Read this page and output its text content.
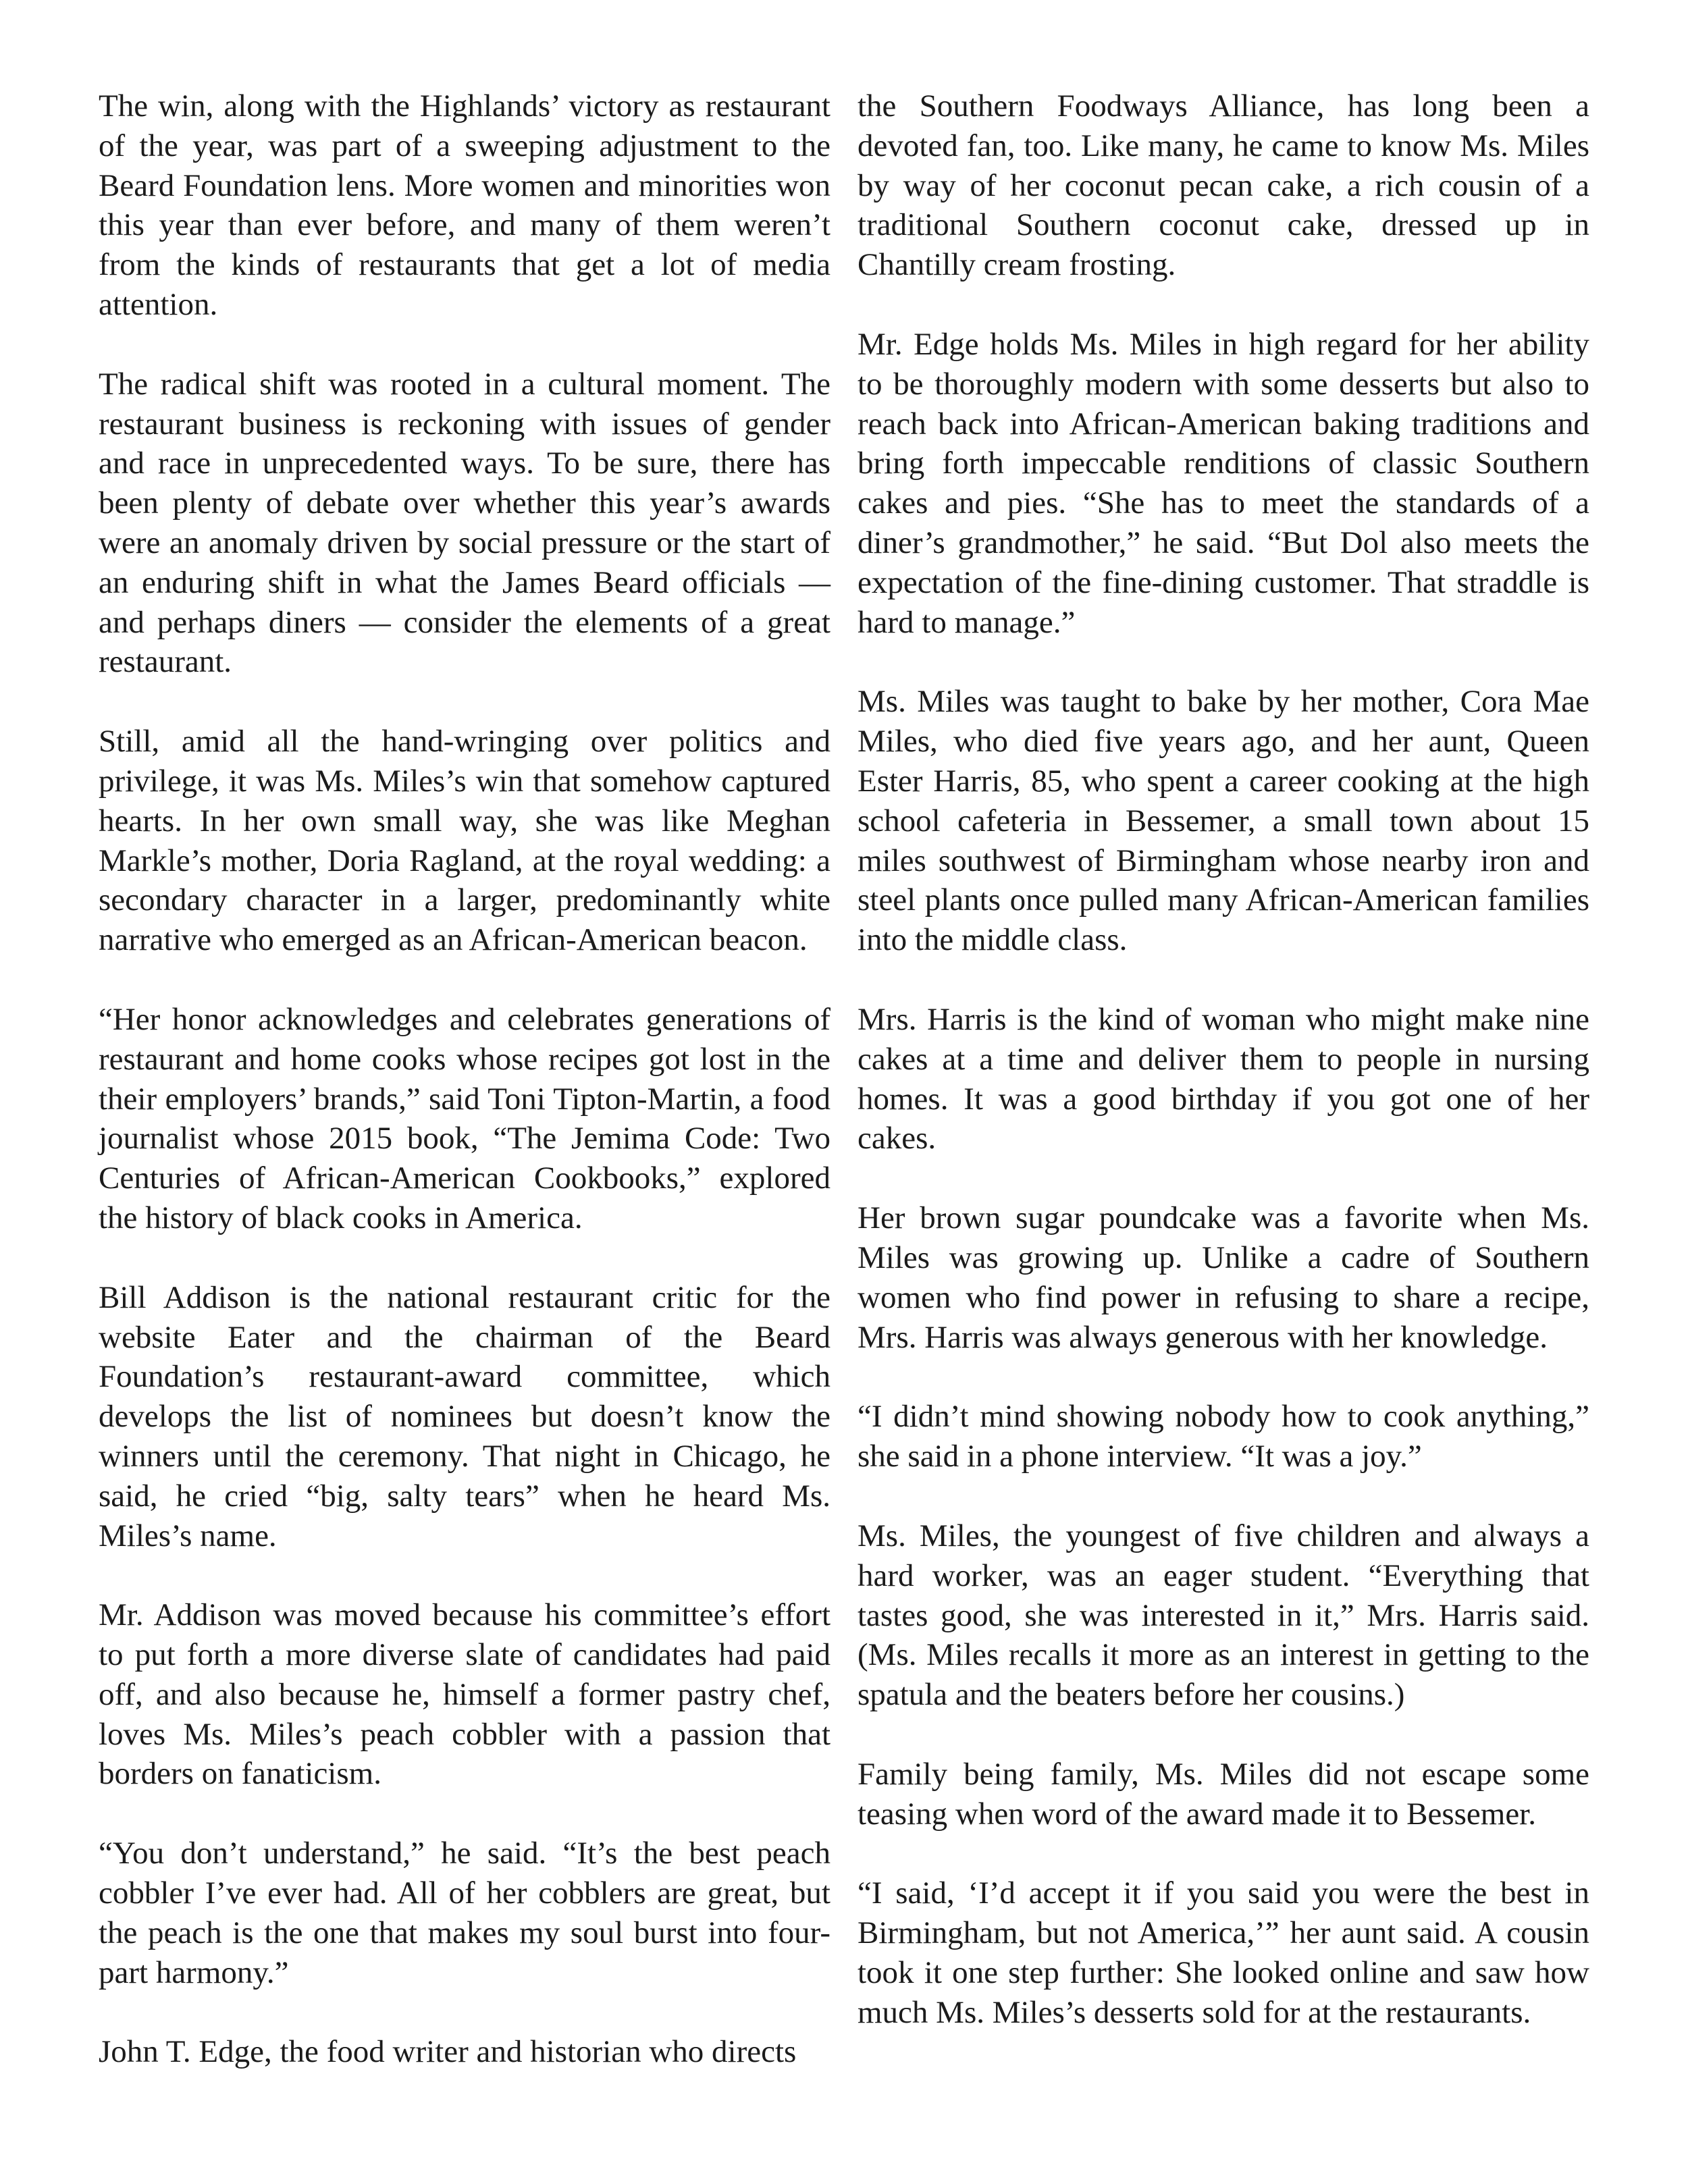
The win, along with the Highlands’ victory as restaurant of the year, was part of a sweeping adjustment to the Beard Foundation lens. More women and minorities won this year than ever before, and many of them weren’t from the kinds of restaurants that get a lot of media attention.

The radical shift was rooted in a cultural moment. The restaurant business is reckoning with issues of gender and race in unprecedented ways. To be sure, there has been plenty of debate over whether this year’s awards were an anomaly driven by social pressure or the start of an enduring shift in what the James Beard officials — and perhaps diners — consider the elements of a great restaurant.

Still, amid all the hand-wringing over politics and privilege, it was Ms. Miles’s win that somehow captured hearts. In her own small way, she was like Meghan Markle’s mother, Doria Ragland, at the royal wedding: a secondary character in a larger, predominantly white narrative who emerged as an African-American beacon.

“Her honor acknowledges and celebrates generations of restaurant and home cooks whose recipes got lost in the their employers’ brands,” said Toni Tipton-Martin, a food journalist whose 2015 book, “The Jemima Code: Two Centuries of African-American Cookbooks,” explored the history of black cooks in America.

Bill Addison is the national restaurant critic for the website Eater and the chairman of the Beard Foundation’s restaurant-award committee, which develops the list of nominees but doesn’t know the winners until the ceremony. That night in Chicago, he said, he cried “big, salty tears” when he heard Ms. Miles’s name.

Mr. Addison was moved because his committee’s effort to put forth a more diverse slate of candidates had paid off, and also because he, himself a former pastry chef, loves Ms. Miles’s peach cobbler with a passion that borders on fanaticism.

“You don’t understand,” he said. “It’s the best peach cobbler I’ve ever had. All of her cobblers are great, but the peach is the one that makes my soul burst into four-part harmony.”

John T. Edge, the food writer and historian who directs

the Southern Foodways Alliance, has long been a devoted fan, too. Like many, he came to know Ms. Miles by way of her coconut pecan cake, a rich cousin of a traditional Southern coconut cake, dressed up in Chantilly cream frosting.

Mr. Edge holds Ms. Miles in high regard for her ability to be thoroughly modern with some desserts but also to reach back into African-American baking traditions and bring forth impeccable renditions of classic Southern cakes and pies. “She has to meet the standards of a diner’s grandmother,” he said. “But Dol also meets the expectation of the fine-dining customer. That straddle is hard to manage.”

Ms. Miles was taught to bake by her mother, Cora Mae Miles, who died five years ago, and her aunt, Queen Ester Harris, 85, who spent a career cooking at the high school cafeteria in Bessemer, a small town about 15 miles southwest of Birmingham whose nearby iron and steel plants once pulled many African-American families into the middle class.

Mrs. Harris is the kind of woman who might make nine cakes at a time and deliver them to people in nursing homes. It was a good birthday if you got one of her cakes.

Her brown sugar poundcake was a favorite when Ms. Miles was growing up. Unlike a cadre of Southern women who find power in refusing to share a recipe, Mrs. Harris was always generous with her knowledge.

“I didn’t mind showing nobody how to cook anything,” she said in a phone interview. “It was a joy.”

Ms. Miles, the youngest of five children and always a hard worker, was an eager student. “Everything that tastes good, she was interested in it,” Mrs. Harris said. (Ms. Miles recalls it more as an interest in getting to the spatula and the beaters before her cousins.)

Family being family, Ms. Miles did not escape some teasing when word of the award made it to Bessemer.

“I said, ‘I’d accept it if you said you were the best in Birmingham, but not America,’” her aunt said. A cousin took it one step further: She looked online and saw how much Ms. Miles’s desserts sold for at the restaurants.
